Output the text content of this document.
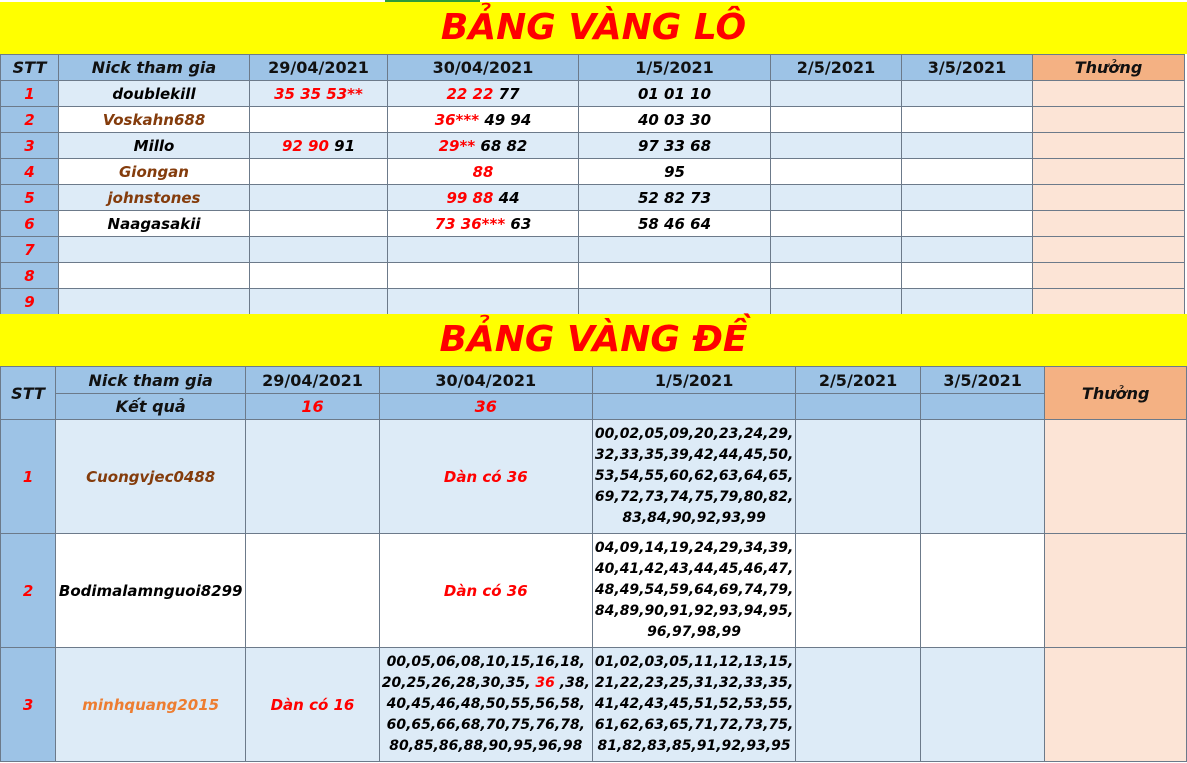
BẢNG VÀNG LÔ
STT	Nick tham gia	29/04/2021	30/04/2021	1/5/2021	2/5/2021	3/5/2021	Thưởng
1	doublekill	35 35 53**	22 22 77	01 01 10			
2	Voskahn688		36*** 49 94	40 03 30			
3	Millo	92 90 91	29** 68 82	97 33 68			
4	Giongan		88	95			
5	johnstones		99 88 44	52 82 73			
6	Naagasakii		73 36*** 63	58 46 64			
7							
8							
9							
BẢNG VÀNG ĐỀ
STT	Nick tham gia	29/04/2021	30/04/2021	1/5/2021	2/5/2021	3/5/2021	Thưởng
	Kết quả	16	36				
1	Cuongvjec0488		Dàn có 36	00,02,05,09,20,23,24,29,
32,33,35,39,42,44,45,50,
53,54,55,60,62,63,64,65,
69,72,73,74,75,79,80,82,
83,84,90,92,93,99			
2	Bodimalamnguoi8299		Dàn có 36	04,09,14,19,24,29,34,39,
40,41,42,43,44,45,46,47,
48,49,54,59,64,69,74,79,
84,89,90,91,92,93,94,95,
96,97,98,99			
3	minhquang2015	Dàn có 16	00,05,06,08,10,15,16,18,
20,25,26,28,30,35, 36 ,38,
40,45,46,48,50,55,56,58,
60,65,66,68,70,75,76,78,
80,85,86,88,90,95,96,98	01,02,03,05,11,12,13,15,
21,22,23,25,31,32,33,35,
41,42,43,45,51,52,53,55,
61,62,63,65,71,72,73,75,
81,82,83,85,91,92,93,95			
